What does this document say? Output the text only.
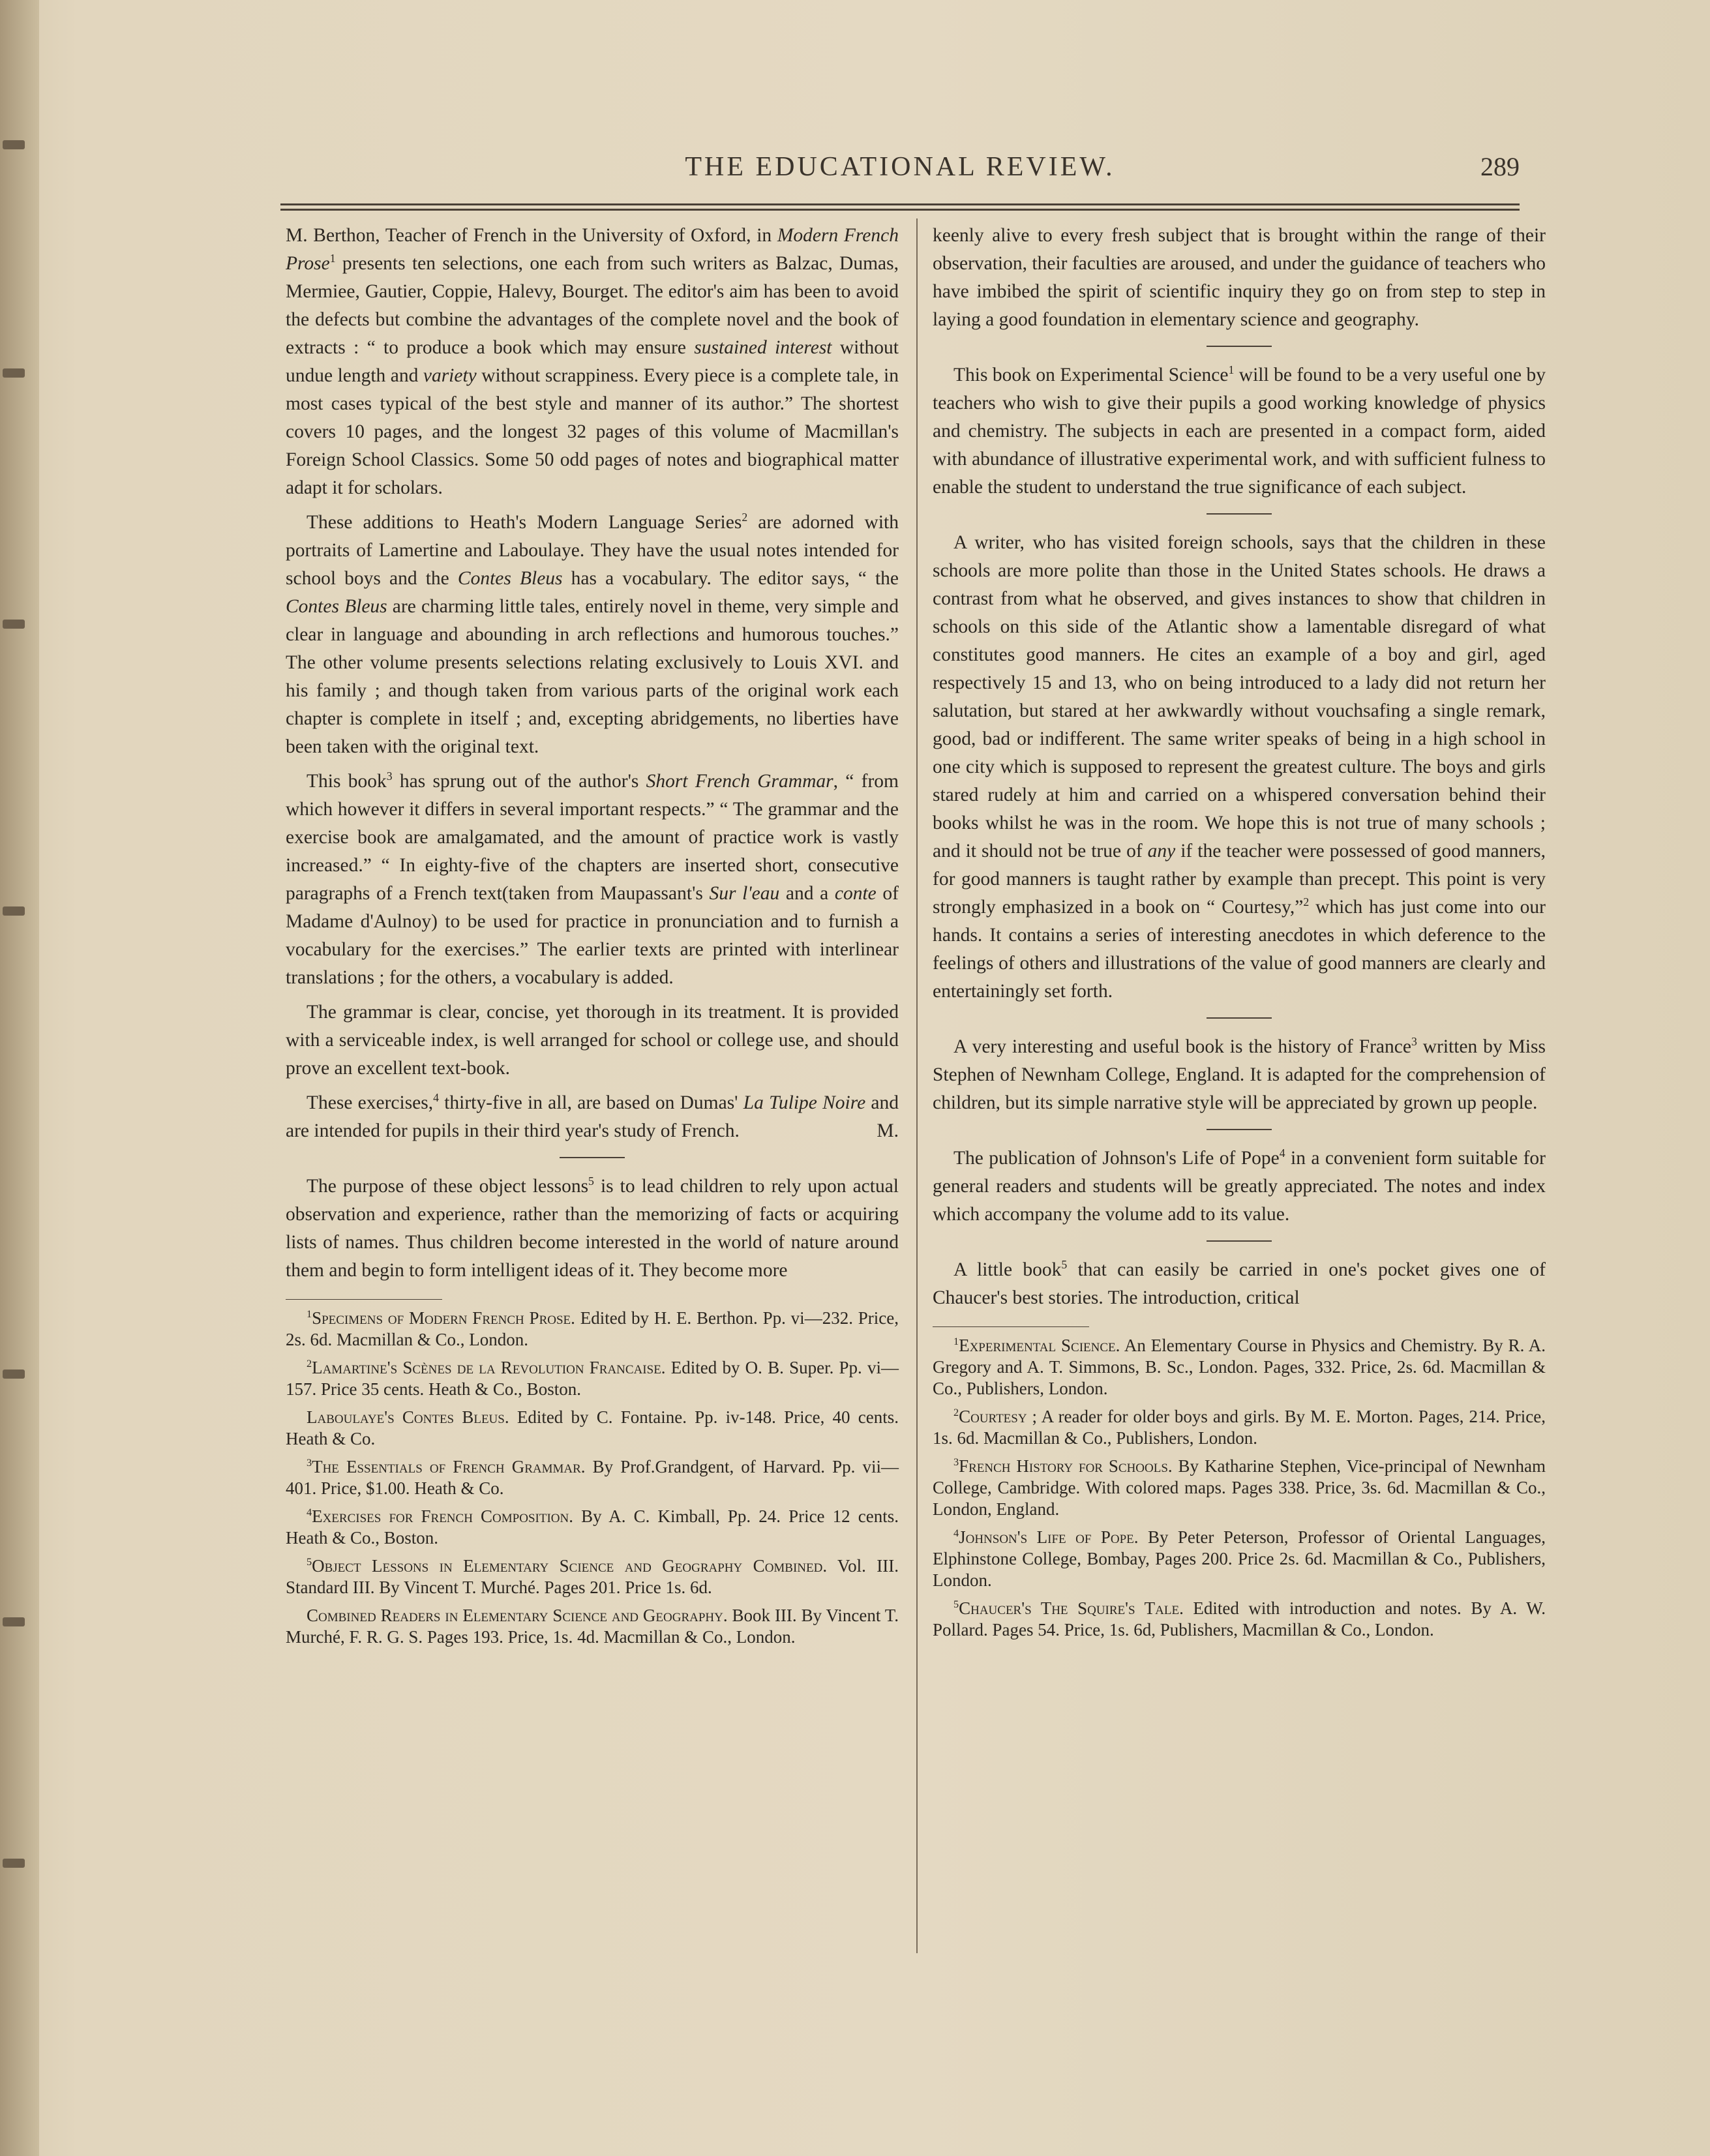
THE EDUCATIONAL REVIEW.	289

M. Berthon, Teacher of French in the University of Oxford, in Modern French Prose$^1$ presents ten selections, one each from such writers as Balzac, Dumas, Mermiee, Gautier, Coppie, Halevy, Bourget. The editor's aim has been to avoid the defects but combine the advantages of the complete novel and the book of extracts : “ to produce a book which may ensure sustained interest without undue length and variety without scrappiness. Every piece is a complete tale, in most cases typical of the best style and manner of its author.” The shortest covers 10 pages, and the longest 32 pages of this volume of Macmillan's Foreign School Classics. Some 50 odd pages of notes and biographical matter adapt it for scholars.

These additions to Heath's Modern Language Series$^2$ are adorned with portraits of Lamertine and Laboulaye. They have the usual notes intended for school boys and the Contes Bleus has a vocabulary. The editor says, “ the Contes Bleus are charming little tales, entirely novel in theme, very simple and clear in language and abounding in arch reflections and humorous touches.” The other volume presents selections relating exclusively to Louis XVI. and his family ; and though taken from various parts of the original work each chapter is complete in itself ; and, excepting abridgements, no liberties have been taken with the original text.

This book$^3$ has sprung out of the author's Short French Grammar, “ from which however it differs in several important respects.” “ The grammar and the exercise book are amalgamated, and the amount of practice work is vastly increased.” “ In eighty-five of the chapters are inserted short, consecutive paragraphs of a French text(taken from Maupassant's Sur l'eau and a conte of Madame d'Aulnoy) to be used for practice in pronunciation and to furnish a vocabulary for the exercises.” The earlier texts are printed with interlinear translations ; for the others, a vocabulary is added.

The grammar is clear, concise, yet thorough in its treatment. It is provided with a serviceable index, is well arranged for school or college use, and should prove an excellent text-book.

These exercises,$^4$ thirty-five in all, are based on Dumas' La Tulipe Noire and are intended for pupils in their third year's study of French.	M.

The purpose of these object lessons$^5$ is to lead children to rely upon actual observation and experience, rather than the memorizing of facts or acquiring lists of names. Thus children become interested in the world of nature around them and begin to form intelligent ideas of it. They become more

$^1$Specimens of Modern French Prose. Edited by H. E. Berthon. Pp. vi—232. Price, 2s. 6d. Macmillan & Co., London.

$^2$Lamartine's Scènes de la Revolution Francaise. Edited by O. B. Super. Pp. vi—157. Price 35 cents. Heath & Co., Boston.

Laboulaye's Contes Bleus. Edited by C. Fontaine. Pp. iv-148. Price, 40 cents. Heath & Co.

$^3$The Essentials of French Grammar. By Prof.Grandgent, of Harvard. Pp. vii—401. Price, $1.00. Heath & Co.

$^4$Exercises for French Composition. By A. C. Kimball, Pp. 24. Price 12 cents. Heath & Co., Boston.

$^5$Object Lessons in Elementary Science and Geography Combined. Vol. III. Standard III. By Vincent T. Murché. Pages 201. Price 1s. 6d.

Combined Readers in Elementary Science and Geography. Book III. By Vincent T. Murché, F. R. G. S. Pages 193. Price, 1s. 4d. Macmillan & Co., London.

keenly alive to every fresh subject that is brought within the range of their observation, their faculties are aroused, and under the guidance of teachers who have imbibed the spirit of scientific inquiry they go on from step to step in laying a good foundation in elementary science and geography.

This book on Experimental Science$^1$ will be found to be a very useful one by teachers who wish to give their pupils a good working knowledge of physics and chemistry. The subjects in each are presented in a compact form, aided with abundance of illustrative experimental work, and with sufficient fulness to enable the student to understand the true significance of each subject.

A writer, who has visited foreign schools, says that the children in these schools are more polite than those in the United States schools. He draws a contrast from what he observed, and gives instances to show that children in schools on this side of the Atlantic show a lamentable disregard of what constitutes good manners. He cites an example of a boy and girl, aged respectively 15 and 13, who on being introduced to a lady did not return her salutation, but stared at her awkwardly without vouchsafing a single remark, good, bad or indifferent. The same writer speaks of being in a high school in one city which is supposed to represent the greatest culture. The boys and girls stared rudely at him and carried on a whispered conversation behind their books whilst he was in the room. We hope this is not true of many schools ; and it should not be true of any if the teacher were possessed of good manners, for good manners is taught rather by example than precept. This point is very strongly emphasized in a book on “ Courtesy,”$^2$ which has just come into our hands. It contains a series of interesting anecdotes in which deference to the feelings of others and illustrations of the value of good manners are clearly and entertainingly set forth.

A very interesting and useful book is the history of France$^3$ written by Miss Stephen of Newnham College, England. It is adapted for the comprehension of children, but its simple narrative style will be appreciated by grown up people.

The publication of Johnson's Life of Pope$^4$ in a convenient form suitable for general readers and students will be greatly appreciated. The notes and index which accompany the volume add to its value.

A little book$^5$ that can easily be carried in one's pocket gives one of Chaucer's best stories. The introduction, critical

$^1$Experimental Science. An Elementary Course in Physics and Chemistry. By R. A. Gregory and A. T. Simmons, B. Sc., London. Pages, 332. Price, 2s. 6d. Macmillan & Co., Publishers, London.

$^2$Courtesy ; A reader for older boys and girls. By M. E. Morton. Pages, 214. Price, 1s. 6d. Macmillan & Co., Publishers, London.

$^3$French History for Schools. By Katharine Stephen, Vice-principal of Newnham College, Cambridge. With colored maps. Pages 338. Price, 3s. 6d. Macmillan & Co., London, England.

$^4$Johnson's Life of Pope. By Peter Peterson, Professor of Oriental Languages, Elphinstone College, Bombay, Pages 200. Price 2s. 6d. Macmillan & Co., Publishers, London.

$^5$Chaucer's The Squire's Tale. Edited with introduction and notes. By A. W. Pollard. Pages 54. Price, 1s. 6d, Publishers, Macmillan & Co., London.
